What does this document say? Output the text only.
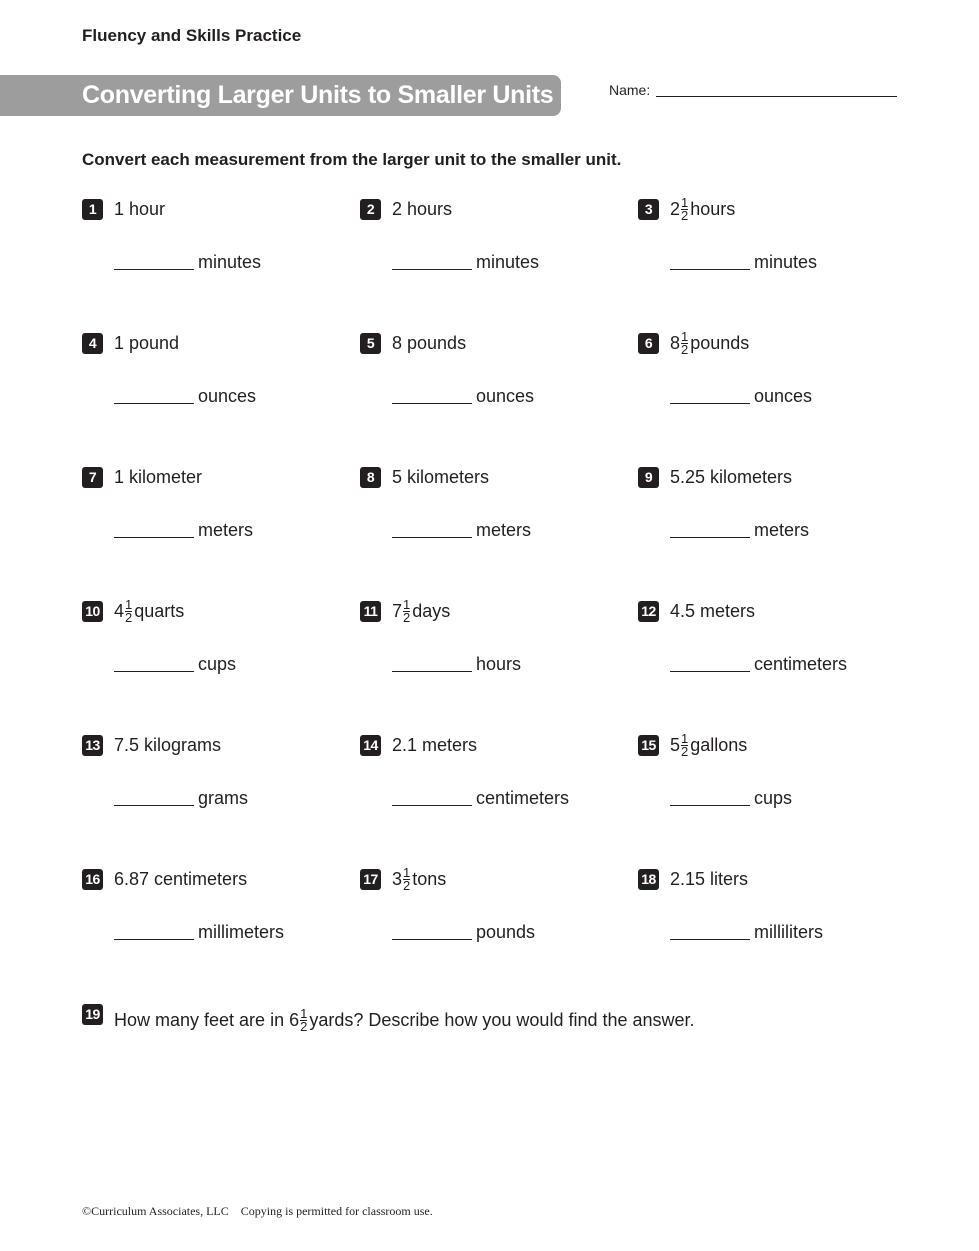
Fluency and Skills Practice
Converting Larger Units to Smaller Units	Name:
Convert each measurement from the larger unit to the smaller unit.
1 1 hour
minutes
2 2 hours
minutes
3 $2 \frac{1}{2}$ hours
minutes
4 1 pound
ounces
5 8 pounds
ounces
6 $8 \frac{1}{2}$ pounds
ounces
7 1 kilometer
meters
8 5 kilometers
meters
9 5.25 kilometers
meters
10 $4 \frac{1}{2}$ quarts
cups
11 $7 \frac{1}{2}$ days
hours
12 4.5 meters
centimeters
13 7.5 kilograms
grams
14 2.1 meters
centimeters
15 $5 \frac{1}{2}$ gallons
cups
16 6.87 centimeters
millimeters
17 $3 \frac{1}{2}$ tons
pounds
18 2.15 liters
milliliters
19 How many feet are in $6 \frac{1}{2}$ yards? Describe how you would find the answer.
©Curriculum Associates, LLC    Copying is permitted for classroom use.
